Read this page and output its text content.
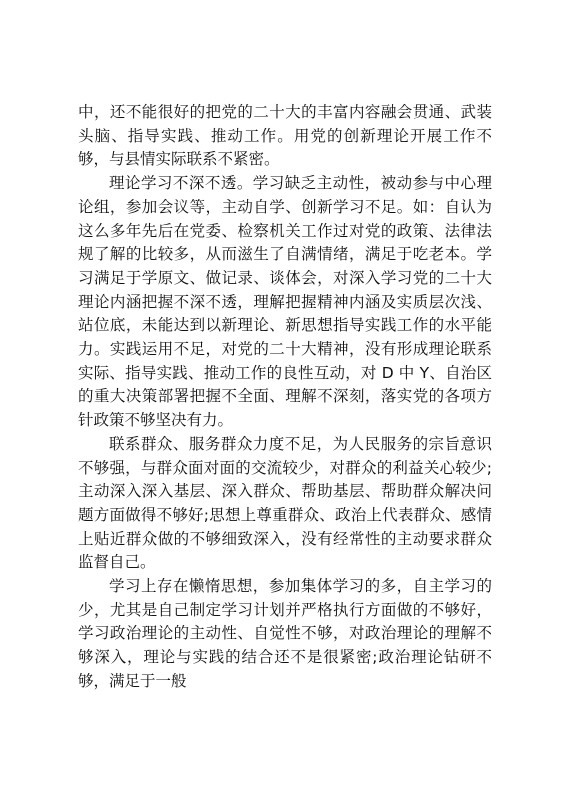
中，还不能很好的把党的二十大的丰富内容融会贯通、武装头脑、指导实践、推动工作。用党的创新理论开展工作不够，与县情实际联系不紧密。

理论学习不深不透。学习缺乏主动性，被动参与中心理论组，参加会议等，主动自学、创新学习不足。如：自认为这么多年先后在党委、检察机关工作过对党的政策、法律法规了解的比较多，从而滋生了自满情绪，满足于吃老本。学习满足于学原文、做记录、谈体会，对深入学习党的二十大理论内涵把握不深不透，理解把握精神内涵及实质层次浅、站位底，未能达到以新理论、新思想指导实践工作的水平能力。实践运用不足，对党的二十大精神，没有形成理论联系实际、指导实践、推动工作的良性互动，对 D 中 Y、自治区的重大决策部署把握不全面、理解不深刻，落实党的各项方针政策不够坚决有力。

联系群众、服务群众力度不足，为人民服务的宗旨意识不够强，与群众面对面的交流较少，对群众的利益关心较少;主动深入深入基层、深入群众、帮助基层、帮助群众解决问题方面做得不够好;思想上尊重群众、政治上代表群众、感情上贴近群众做的不够细致深入，没有经常性的主动要求群众监督自己。

学习上存在懒惰思想，参加集体学习的多，自主学习的少，尤其是自己制定学习计划并严格执行方面做的不够好，学习政治理论的主动性、自觉性不够，对政治理论的理解不够深入，理论与实践的结合还不是很紧密;政治理论钻研不够，满足于一般
